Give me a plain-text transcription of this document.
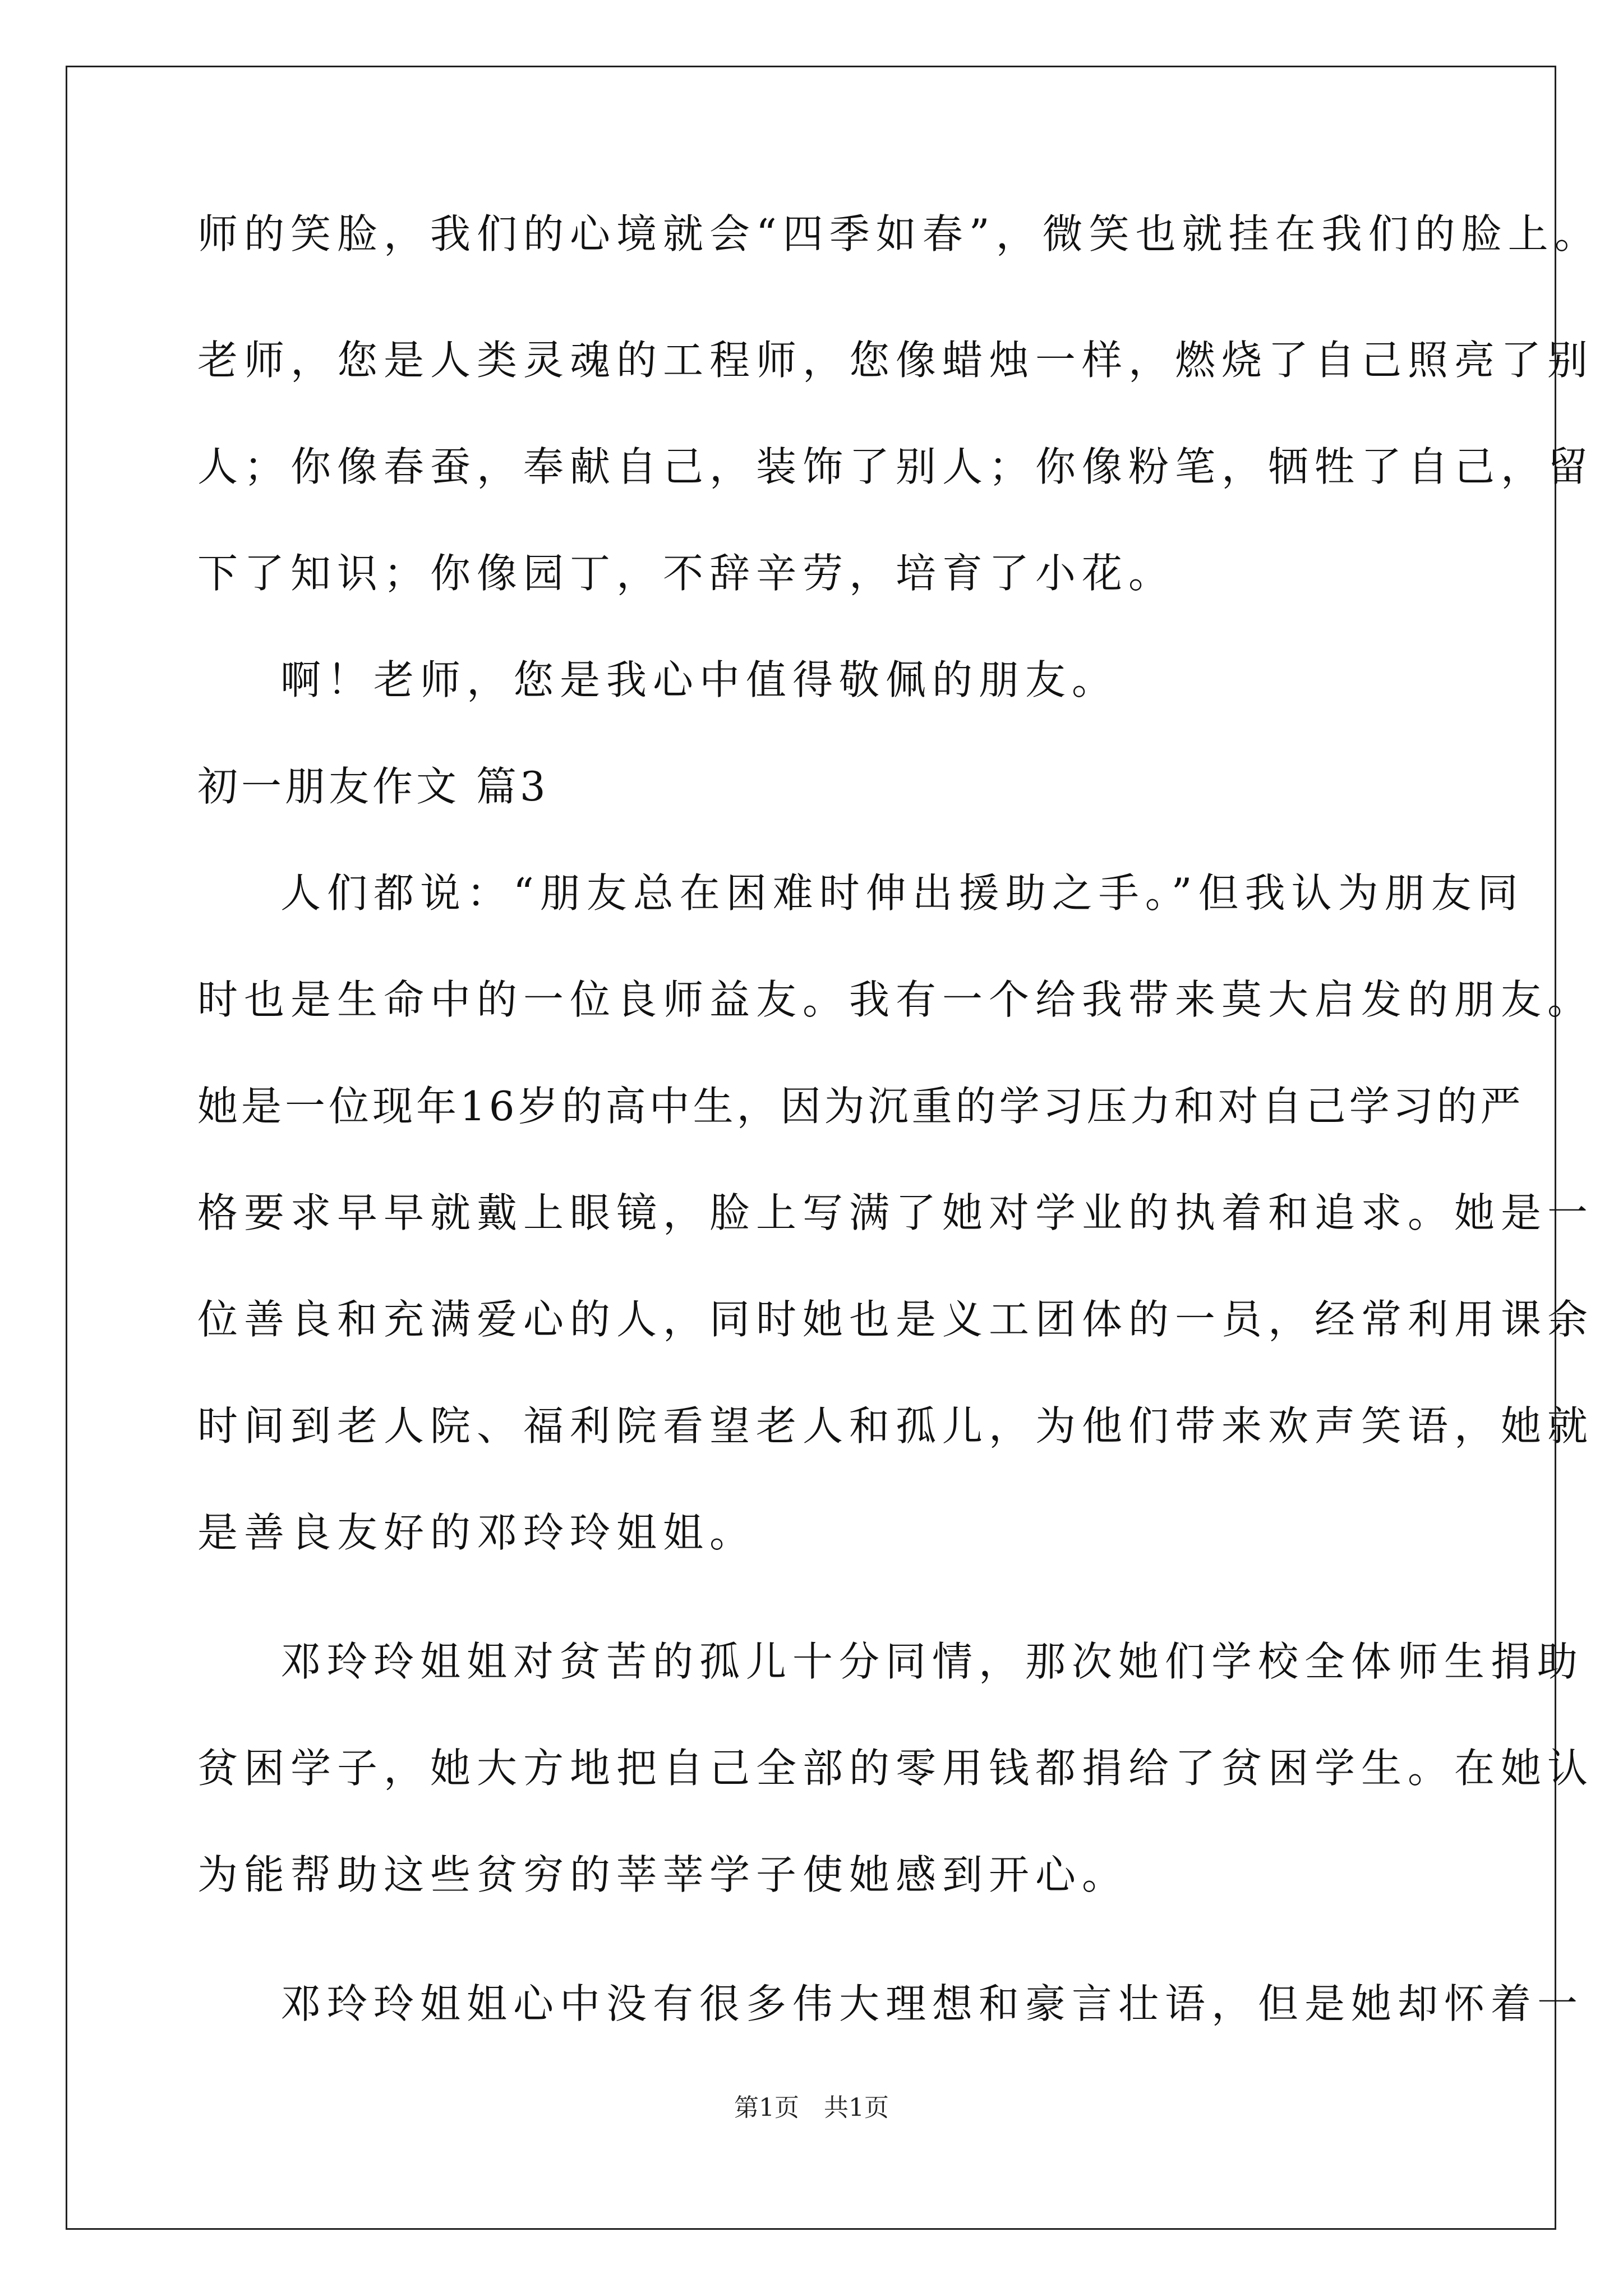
师的笑脸，我们的心境就会“四季如春”，微笑也就挂在我们的脸上。
老师，您是人类灵魂的工程师，您像蜡烛一样，燃烧了自己照亮了别
人；你像春蚕，奉献自己，装饰了别人；你像粉笔，牺牲了自己，留
下了知识；你像园丁，不辞辛劳，培育了小花。
啊！老师，您是我心中值得敬佩的朋友。
初一朋友作文 篇3
人们都说：“朋友总在困难时伸出援助之手。”但我认为朋友同
时也是生命中的一位良师益友。我有一个给我带来莫大启发的朋友。
她是一位现年16岁的高中生，因为沉重的学习压力和对自己学习的严
格要求早早就戴上眼镜，脸上写满了她对学业的执着和追求。她是一
位善良和充满爱心的人，同时她也是义工团体的一员，经常利用课余
时间到老人院、福利院看望老人和孤儿，为他们带来欢声笑语，她就
是善良友好的邓玲玲姐姐。
邓玲玲姐姐对贫苦的孤儿十分同情，那次她们学校全体师生捐助
贫困学子，她大方地把自己全部的零用钱都捐给了贫困学生。在她认
为能帮助这些贫穷的莘莘学子使她感到开心。
邓玲玲姐姐心中没有很多伟大理想和豪言壮语，但是她却怀着一
第1页　共1页
